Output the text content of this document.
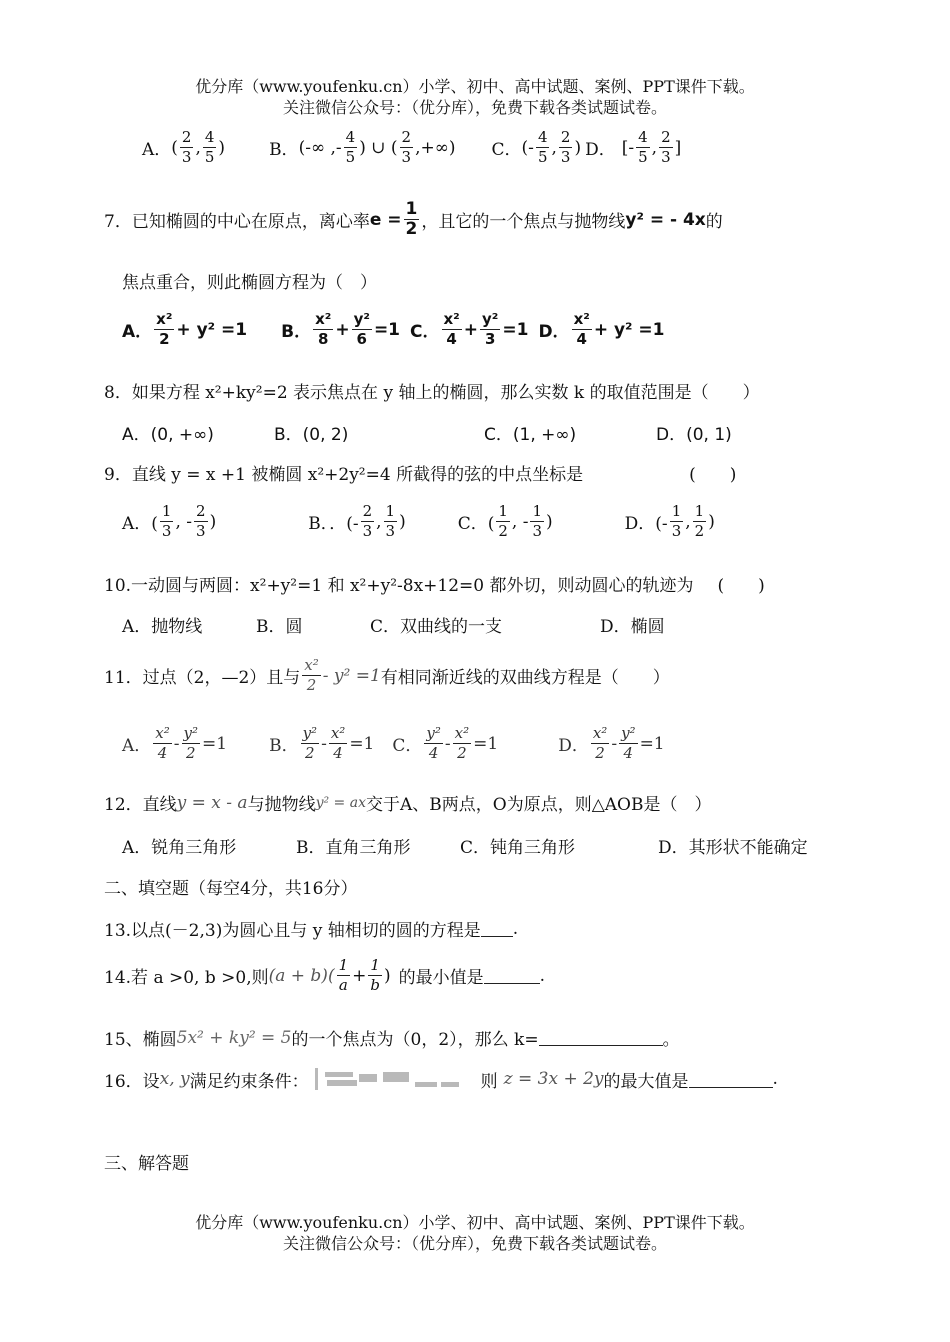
优分库（www.youfenku.cn）小学、初中、高中试题、案例、PPT课件下载。
关注微信公众号：（优分库），免费下载各类试题试卷。
A． ( $\frac{2}{3}$ , $\frac{4}{5}$ )	B． (-∞ ,- $\frac{4}{5}$ ) ∪ ( $\frac{2}{3}$ ,+∞) C． (- $\frac{4}{5}$ , $\frac{2}{3}$ ) D． [- $\frac{4}{5}$ , $\frac{2}{3}$ ]
7．已知椭圆的中心在原点，离心率 $e = \frac{1}{2}$ ，且它的一个焦点与抛物线 y² = - 4x 的
焦点重合，则此椭圆方程为（　）
A． $\frac{\text{x²}}{2} + y^2 =1$ B． $\frac{\text{x²}}{8} + \frac{\text{y²}}{6} =1$ C． $\frac{\text{x²}}{4} + \frac{\text{y²}}{3} =1$ D． $\frac{\text{x²}}{4} + y^2 =1$
8．如果方程 x²+ky²=2 表示焦点在 y 轴上的椭圆，那么实数 k 的取值范围是（　　）
A．(0, +∞)	B．(0, 2)	C．(1, +∞)	D．(0, 1)
9．直线 y = x +1 被椭圆 x²+2y²=4 所截得的弦的中点坐标是	(　　)
A．( $\frac{1}{3}$ , - $\frac{2}{3}$ )	B．．(- $\frac{2}{3}$ , $\frac{1}{3}$ )	C．( $\frac{1}{2}$ , - $\frac{1}{3}$ )	D．(- $\frac{1}{3}$ , $\frac{1}{2}$ )
10.一动圆与两圆：x²+y²=1 和 x²+y²-8x+12=0 都外切，则动圆心的轨迹为 (　　)
A．抛物线	B．圆	C．双曲线的一支	D．椭圆
11．过点（2，—2）且与 $\frac{\text{x²}}{2} - y^2 =1$ 有相同渐近线的双曲线方程是（　　）
A． $\frac{\text{x²}}{4} - \frac{\text{y²}}{2} =1$ B． $\frac{\text{y²}}{2} - \frac{\text{x²}}{4} =1$ C． $\frac{\text{y²}}{4} - \frac{\text{x²}}{2} =1$	D． $\frac{\text{x²}}{2} - \frac{\text{y²}}{4} =1$
12．直线 y = x - a 与抛物线 y² = ax 交于A、B两点，O为原点，则△AOB是（　）
A．锐角三角形	B．直角三角形	C．钝角三角形	D．其形状不能确定
二、填空题（每空4分，共16分）
13.以点(－2,3)为圆心且与 y 轴相切的圆的方程是 .
14.若 a >0, b >0,则 $(a + b)( \frac{1}{a} + \frac{1}{b}$ ) 的最小值是	.
15、椭圆 5x² + ky² = 5 的一个焦点为（0，2），那么 k=	。
16．设 x, y 满足约束条件：	则 z = 3x + 2y 的最大值是	.
三、解答题
优分库（www.youfenku.cn）小学、初中、高中试题、案例、PPT课件下载。
关注微信公众号：（优分库），免费下载各类试题试卷。
